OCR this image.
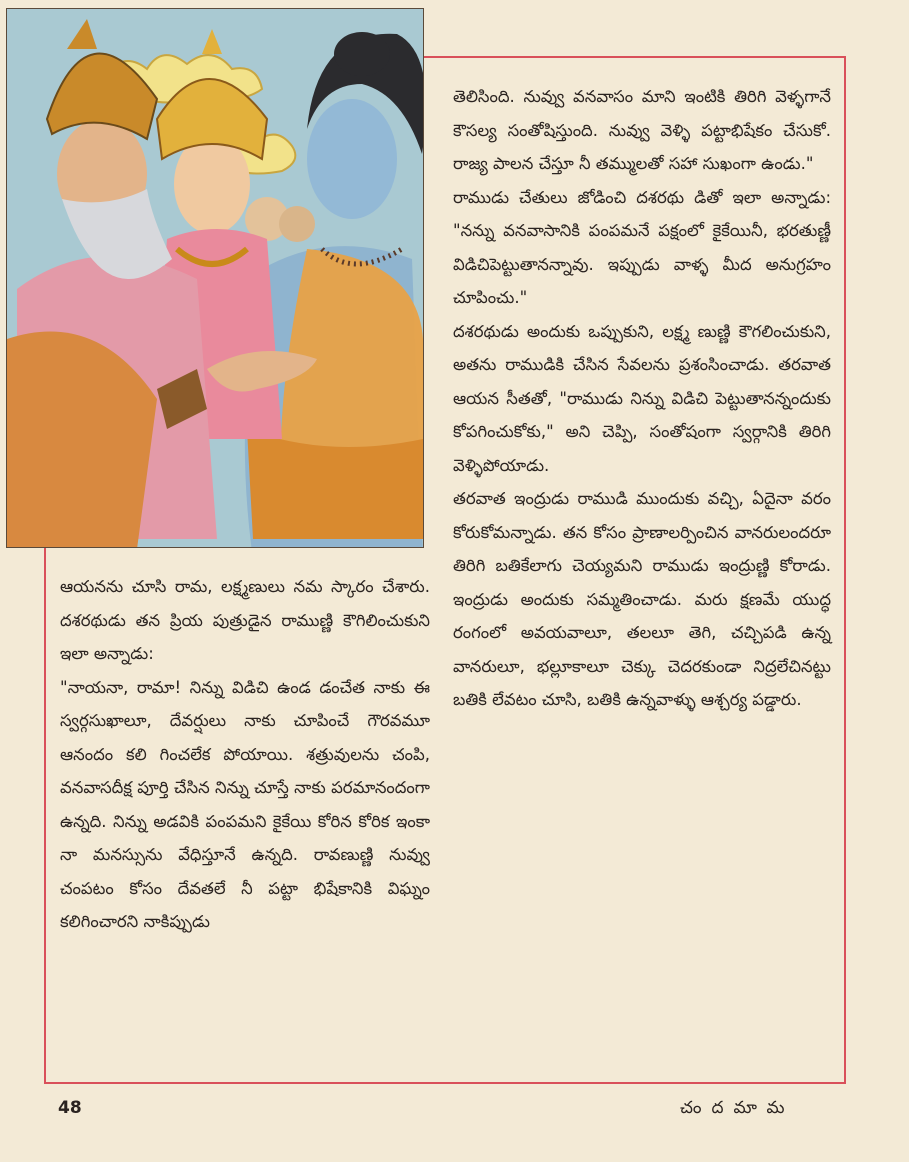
తెలిసింది. నువ్వు వనవాసం మాని ఇంటికి తిరిగి వెళ్ళగానే కౌసల్య సంతోషిస్తుంది. నువ్వు వెళ్ళి పట్టాభిషేకం చేసుకో. రాజ్య పాలన చేస్తూ నీ తమ్ములతో సహా సుఖంగా ఉండు."

రాముడు చేతులు జోడించి దశరథు డితో ఇలా అన్నాడు: "నన్ను వనవాసానికి పంపమనే పక్షంలో కైకేయినీ, భరతుణ్ణీ విడిచిపెట్టుతానన్నావు. ఇప్పుడు వాళ్ళ మీద అనుగ్రహం చూపించు."

దశరథుడు అందుకు ఒప్పుకుని, లక్ష్మ ణుణ్ణి కౌగలించుకుని, అతను రాముడికి చేసిన సేవలను ప్రశంసించాడు. తరవాత ఆయన సీతతో, "రాముడు నిన్ను విడిచి పెట్టుతానన్నందుకు కోపగించుకోకు," అని చెప్పి, సంతోషంగా స్వర్గానికి తిరిగి వెళ్ళిపోయాడు.

తరవాత ఇంద్రుడు రాముడి ముందుకు వచ్చి, ఏదైనా వరం కోరుకోమన్నాడు. తన కోసం ప్రాణాలర్పించిన వానరులందరూ తిరిగి బతికేలాగు చెయ్యమని రాముడు ఇంద్రుణ్ణి కోరాడు. ఇంద్రుడు అందుకు సమ్మతించాడు. మరు క్షణమే యుద్ధ రంగంలో అవయవాలూ, తలలూ తెగి, చచ్చిపడి ఉన్న వానరులూ, భల్లూకాలూ చెక్కు చెదరకుండా నిద్రలేచినట్టు బతికి లేవటం చూసి, బతికి ఉన్నవాళ్ళు ఆశ్చర్య పడ్డారు.

ఆయనను చూసి రామ, లక్ష్మణులు నమ స్కారం చేశారు. దశరథుడు తన ప్రియ పుత్రుడైన రాముణ్ణి కౌగిలించుకుని ఇలా అన్నాడు:

"నాయనా, రామా! నిన్ను విడిచి ఉండ డంచేత నాకు ఈ స్వర్గసుఖాలూ, దేవర్షులు నాకు చూపించే గౌరవమూ ఆనందం కలి గించలేక పోయాయి. శత్రువులను చంపి, వనవాసదీక్ష పూర్తి చేసిన నిన్ను చూస్తే నాకు పరమానందంగా ఉన్నది. నిన్ను అడవికి పంపమని కైకేయి కోరిన కోరిక ఇంకా నా మనస్సును వేధిస్తూనే ఉన్నది. రావణుణ్ణి నువ్వు చంపటం కోసం దేవతలే నీ పట్టా భిషేకానికి విఘ్నం కలిగించారని నాకిప్పుడు

48	చందమామ
